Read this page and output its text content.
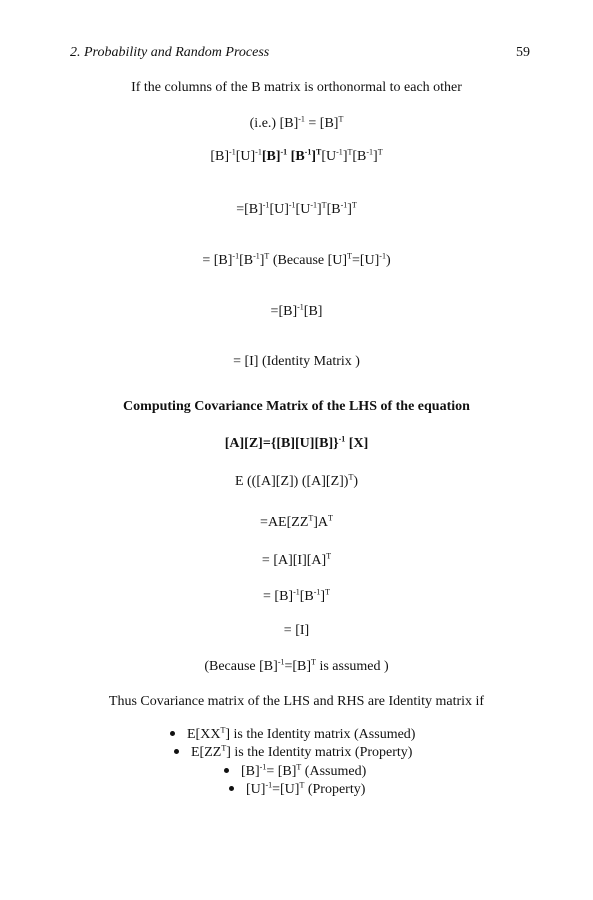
2. Probability and Random Process	59
If the columns of the B matrix is orthonormal to each other
(i.e.) $[B]^{-1} = [B]^T$
$[B]^{-1}[U]^{-1}[B]^{-1}$ $[B^{-1}]^T[U^{-1}]^T[B^{-1}]^T$
$=[B]^{-1}[U]^{-1}[U^{-1}]^T[B^{-1}]^T$
= $[B]^{-1}[B^{-1}]^T$ (Because $[U]^T=[U]^{-1}$)
$=[B]^{-1}[B]$
= [I] (Identity Matrix )
Computing Covariance Matrix of the LHS of the equation
$[A][Z]=\{[B][U][B]\}^{-1}$ [X]
E (([A][Z]) $([A][Z])^T$)
$=AE[ZZ^T]A^T$
= $[A][I][A]^T$
= $[B]^{-1}[B^{-1}]^T$
= [I]
(Because $[B]^{-1}=[B]^T$ is assumed )
Thus Covariance matrix of the LHS and RHS are Identity matrix if
$E[XX^T]$ is the Identity matrix (Assumed)
$E[ZZ^T]$ is the Identity matrix (Property)
$[B]^{-1}= [B]^T$ (Assumed)
$[U]^{-1}=[U]^T$ (Property)
